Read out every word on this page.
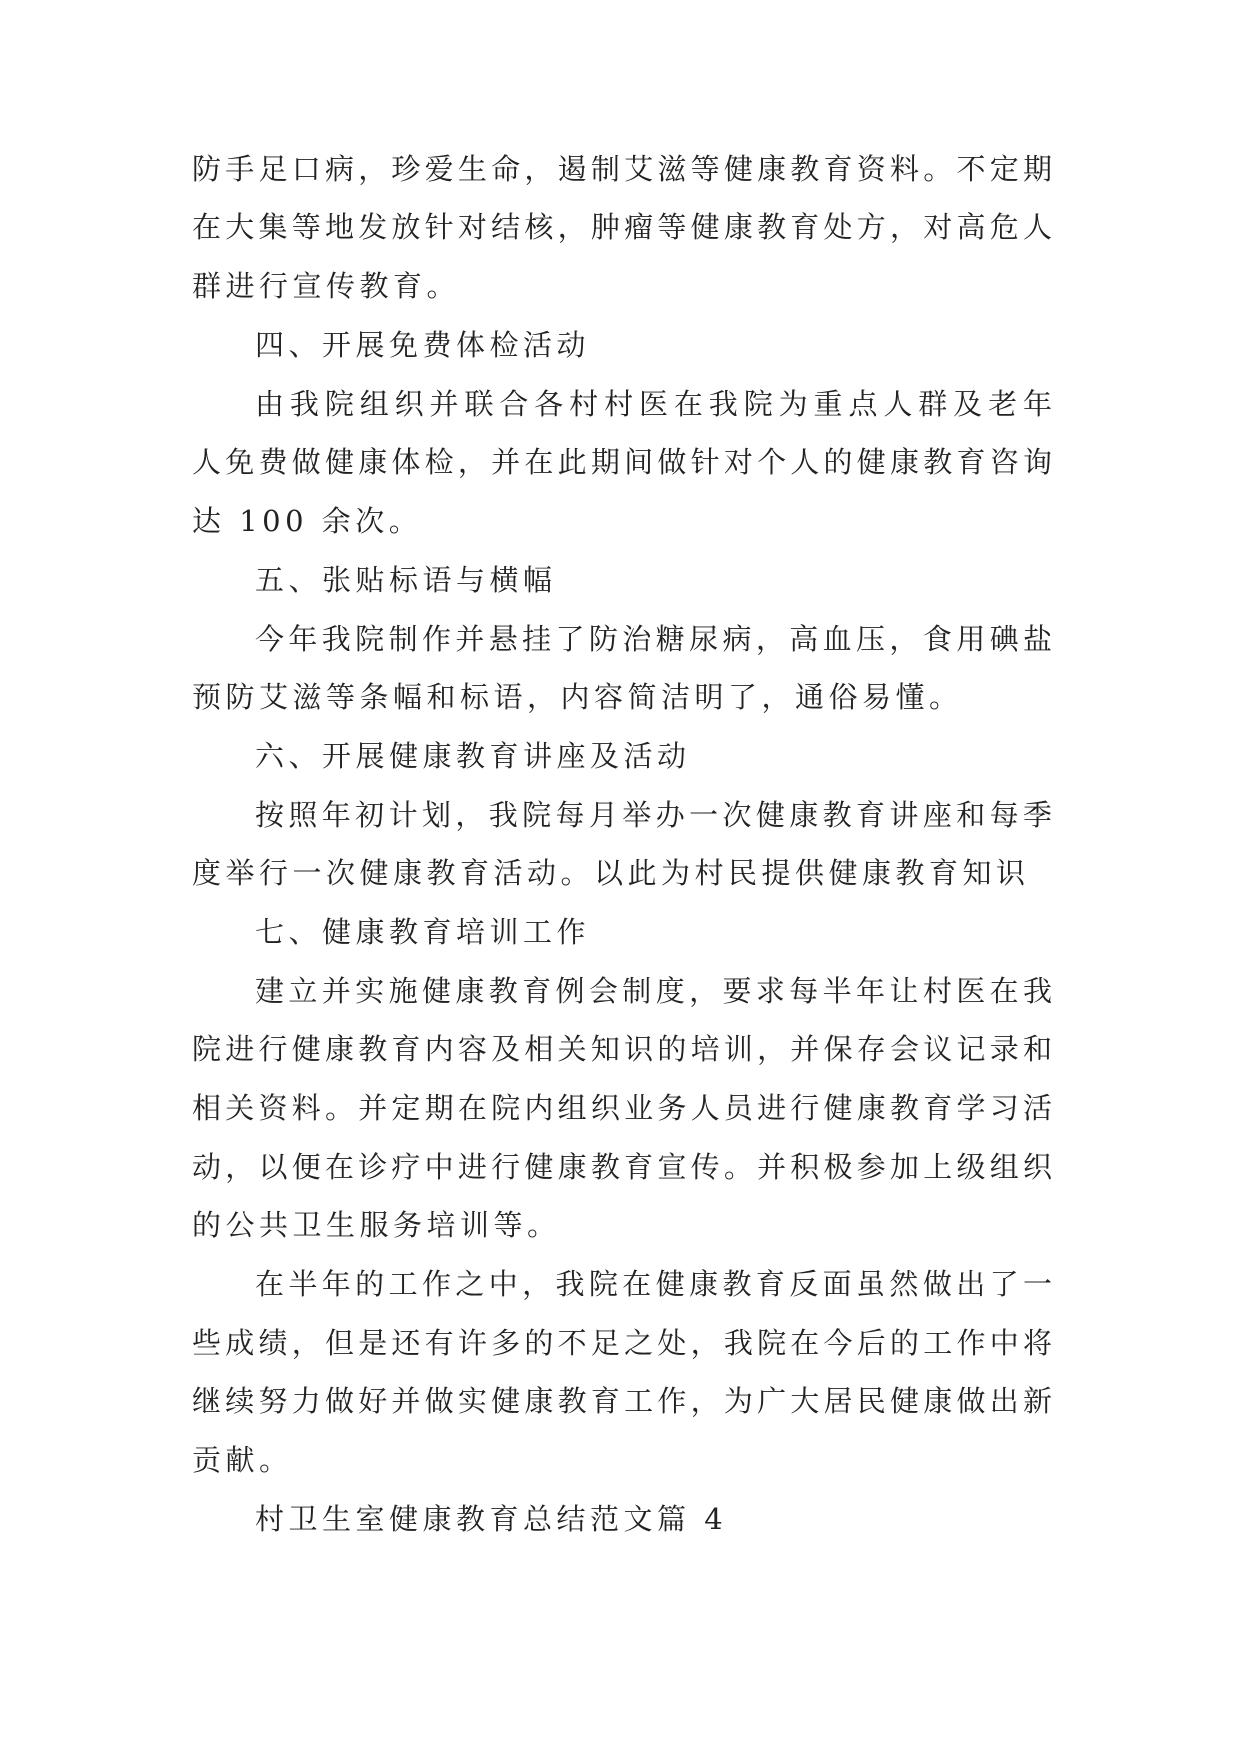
防手足口病，珍爱生命，遏制艾滋等健康教育资料。不定期
在大集等地发放针对结核，肿瘤等健康教育处方，对高危人
群进行宣传教育。
四、开展免费体检活动
由我院组织并联合各村村医在我院为重点人群及老年
人免费做健康体检，并在此期间做针对个人的健康教育咨询
达 100 余次。
五、张贴标语与横幅
今年我院制作并悬挂了防治糖尿病，高血压，食用碘盐
预防艾滋等条幅和标语，内容简洁明了，通俗易懂。
六、开展健康教育讲座及活动
按照年初计划，我院每月举办一次健康教育讲座和每季
度举行一次健康教育活动。以此为村民提供健康教育知识
七、健康教育培训工作
建立并实施健康教育例会制度，要求每半年让村医在我
院进行健康教育内容及相关知识的培训，并保存会议记录和
相关资料。并定期在院内组织业务人员进行健康教育学习活
动，以便在诊疗中进行健康教育宣传。并积极参加上级组织
的公共卫生服务培训等。
在半年的工作之中，我院在健康教育反面虽然做出了一
些成绩，但是还有许多的不足之处，我院在今后的工作中将
继续努力做好并做实健康教育工作，为广大居民健康做出新
贡献。
村卫生室健康教育总结范文篇 4
